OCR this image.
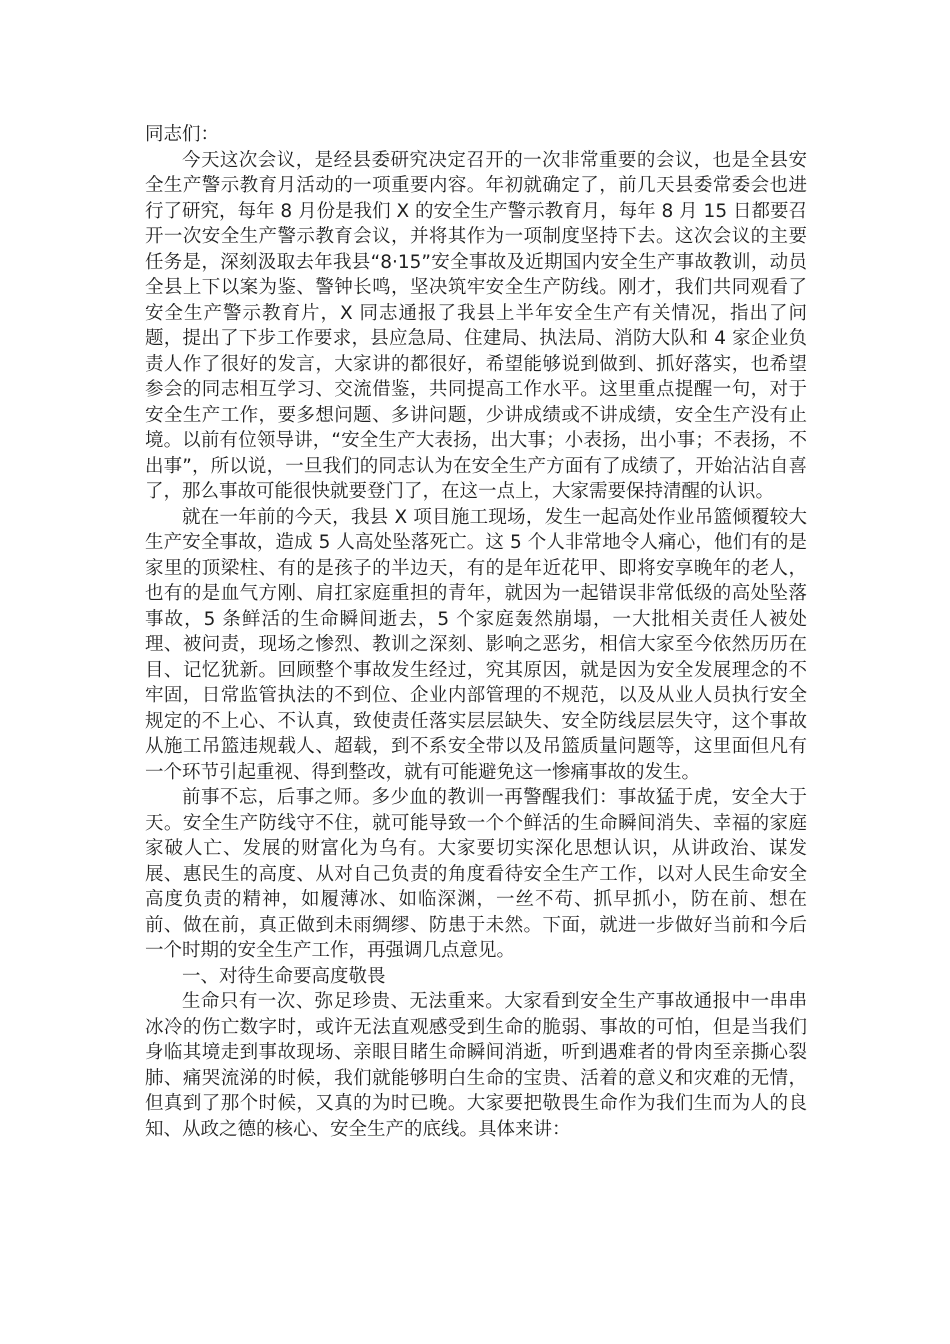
同志们：

今天这次会议，是经县委研究决定召开的一次非常重要的会议，也是全县安全生产警示教育月活动的一项重要内容。年初就确定了，前几天县委常委会也进行了研究，每年 8 月份是我们 X 的安全生产警示教育月，每年 8 月 15 日都要召开一次安全生产警示教育会议，并将其作为一项制度坚持下去。这次会议的主要任务是，深刻汲取去年我县“8·15”安全事故及近期国内安全生产事故教训，动员全县上下以案为鉴、警钟长鸣，坚决筑牢安全生产防线。刚才，我们共同观看了安全生产警示教育片，X 同志通报了我县上半年安全生产有关情况，指出了问题，提出了下步工作要求，县应急局、住建局、执法局、消防大队和 4 家企业负责人作了很好的发言，大家讲的都很好，希望能够说到做到、抓好落实，也希望参会的同志相互学习、交流借鉴，共同提高工作水平。这里重点提醒一句，对于安全生产工作，要多想问题、多讲问题，少讲成绩或不讲成绩，安全生产没有止境。以前有位领导讲，“安全生产大表扬，出大事；小表扬，出小事；不表扬，不出事”，所以说，一旦我们的同志认为在安全生产方面有了成绩了，开始沾沾自喜了，那么事故可能很快就要登门了，在这一点上，大家需要保持清醒的认识。

就在一年前的今天，我县 X 项目施工现场，发生一起高处作业吊篮倾覆较大生产安全事故，造成 5 人高处坠落死亡。这 5 个人非常地令人痛心，他们有的是家里的顶梁柱、有的是孩子的半边天，有的是年近花甲、即将安享晚年的老人，也有的是血气方刚、肩扛家庭重担的青年，就因为一起错误非常低级的高处坠落事故，5 条鲜活的生命瞬间逝去，5 个家庭轰然崩塌，一大批相关责任人被处理、被问责，现场之惨烈、教训之深刻、影响之恶劣，相信大家至今依然历历在目、记忆犹新。回顾整个事故发生经过，究其原因，就是因为安全发展理念的不牢固，日常监管执法的不到位、企业内部管理的不规范，以及从业人员执行安全规定的不上心、不认真，致使责任落实层层缺失、安全防线层层失守，这个事故从施工吊篮违规载人、超载，到不系安全带以及吊篮质量问题等，这里面但凡有一个环节引起重视、得到整改，就有可能避免这一惨痛事故的发生。

前事不忘，后事之师。多少血的教训一再警醒我们：事故猛于虎，安全大于天。安全生产防线守不住，就可能导致一个个鲜活的生命瞬间消失、幸福的家庭家破人亡、发展的财富化为乌有。大家要切实深化思想认识，从讲政治、谋发展、惠民生的高度、从对自己负责的角度看待安全生产工作，以对人民生命安全高度负责的精神，如履薄冰、如临深渊，一丝不苟、抓早抓小，防在前、想在前、做在前，真正做到未雨绸缪、防患于未然。下面，就进一步做好当前和今后一个时期的安全生产工作，再强调几点意见。

一、对待生命要高度敬畏

生命只有一次、弥足珍贵、无法重来。大家看到安全生产事故通报中一串串冰冷的伤亡数字时，或许无法直观感受到生命的脆弱、事故的可怕，但是当我们身临其境走到事故现场、亲眼目睹生命瞬间消逝，听到遇难者的骨肉至亲撕心裂肺、痛哭流涕的时候，我们就能够明白生命的宝贵、活着的意义和灾难的无情，但真到了那个时候，又真的为时已晚。大家要把敬畏生命作为我们生而为人的良知、从政之德的核心、安全生产的底线。具体来讲：
